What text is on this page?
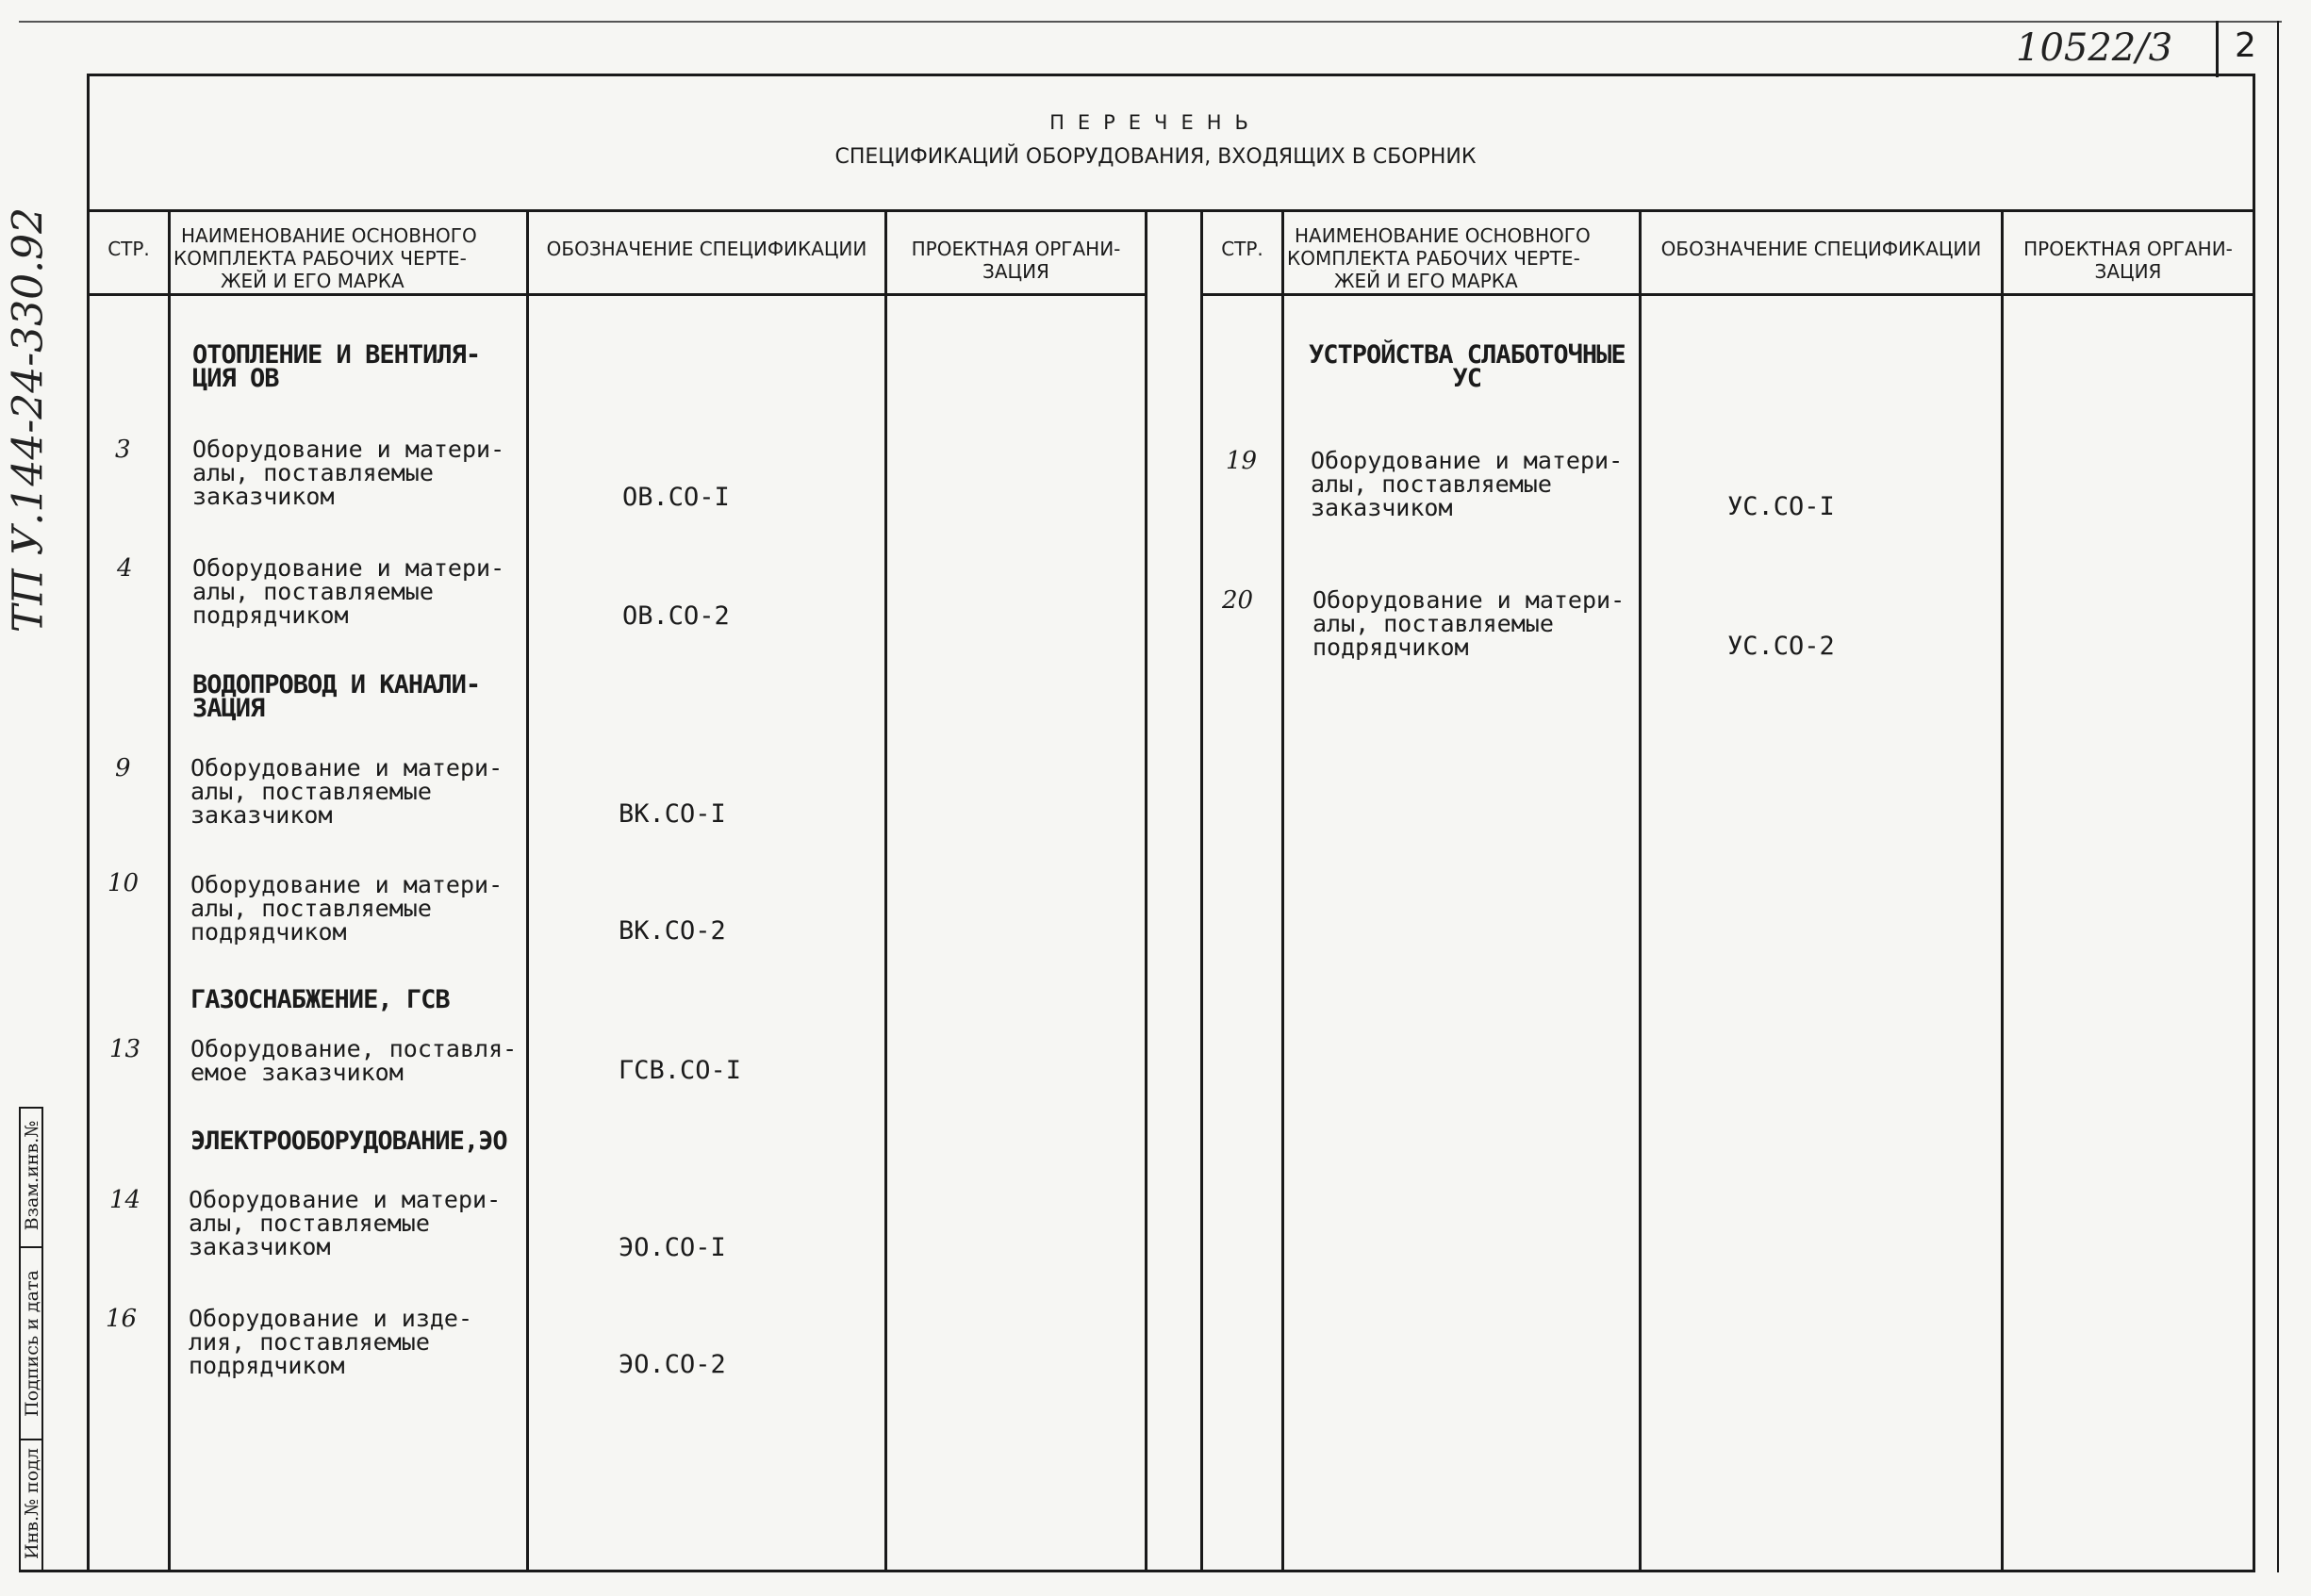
10522/3 2
ТП У.144-24-330.92
ПЕРЕЧЕНЬ
СПЕЦИФИКАЦИЙ ОБОРУДОВАНИЯ, ВХОДЯЩИХ В СБОРНИК
СТР.
НАИМЕНОВАНИЕ ОСНОВНОГО
КОМПЛЕКТА РАБОЧИХ ЧЕРТЕ-
ЖЕЙ И ЕГО МАРКА
ОБОЗНАЧЕНИЕ СПЕЦИФИКАЦИИ	ПРОЕКТНАЯ ОРГАНИ-
ЗАЦИЯ
СТР.
НАИМЕНОВАНИЕ ОСНОВНОГО
КОМПЛЕКТА РАБОЧИХ ЧЕРТЕ-
ЖЕЙ И ЕГО МАРКА
ОБОЗНАЧЕНИЕ СПЕЦИФИКАЦИИ	ПРОЕКТНАЯ ОРГАНИ-
ЗАЦИЯ
ОТОПЛЕНИЕ И ВЕНТИЛЯ-
ЦИЯ ОВ
3	Оборудование и матери-
алы, поставляемые
заказчиком	ОВ.СО-I
4	Оборудование и матери-
алы, поставляемые
подрядчиком	ОВ.СО-2
ВОДОПРОВОД И КАНАЛИ-
ЗАЦИЯ
9	Оборудование и матери-
алы, поставляемые
заказчиком	ВК.СО-I
10 Оборудование и матери-
алы, поставляемые
подрядчиком	ВК.СО-2
ГАЗОСНАБЖЕНИЕ, ГСВ
13 Оборудование, поставля-
емое заказчиком	ГСВ.СО-I
ЭЛЕКТРООБОРУДОВАНИЕ,ЭО
14 Оборудование и матери-
алы, поставляемые
заказчиком	ЭО.СО-I
16 Оборудование и изде-
лия, поставляемые
подрядчиком	ЭО.СО-2
УСТРОЙСТВА СЛАБОТОЧНЫЕ
УС
19 Оборудование и матери-
алы, поставляемые
заказчиком	УС.СО-I
20	Оборудование и матери-
алы, поставляемые
подрядчиком	УС.СО-2
Взам.инв.№
Подпись и дата
Инв.№ подл
